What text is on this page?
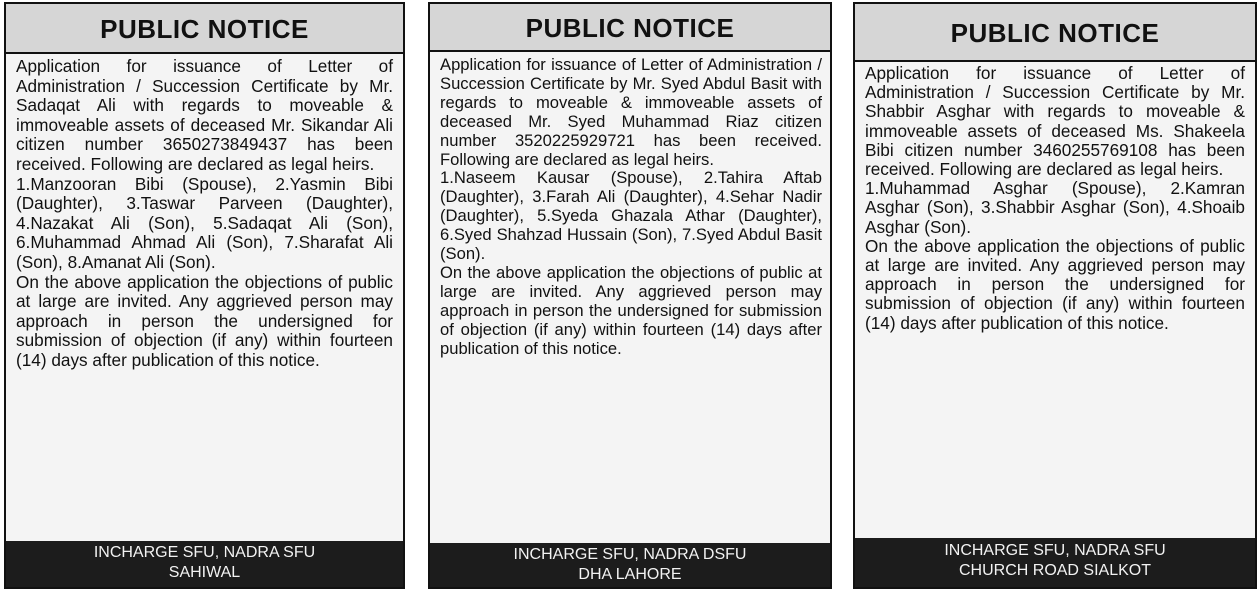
PUBLIC NOTICE

Application for issuance of Letter of Administration / Succession Certificate by Mr. Sadaqat Ali with regards to moveable & immoveable assets of deceased Mr. Sikandar Ali citizen number 3650273849437 has been received. Following are declared as legal heirs.

1.Manzooran Bibi (Spouse), 2.Yasmin Bibi (Daughter), 3.Taswar Parveen (Daughter), 4.Nazakat Ali (Son), 5.Sadaqat Ali (Son), 6.Muhammad Ahmad Ali (Son), 7.Sharafat Ali (Son), 8.Amanat Ali (Son).

On the above application the objections of public at large are invited. Any aggrieved person may approach in person the undersigned for submission of objection (if any) within fourteen (14) days after publication of this notice.

INCHARGE SFU, NADRA SFU
SAHIWAL
PUBLIC NOTICE

Application for issuance of Letter of Administration / Succession Certificate by Mr. Syed Abdul Basit with regards to moveable & immoveable assets of deceased Mr. Syed Muhammad Riaz citizen number 3520225929721 has been received. Following are declared as legal heirs.

1.Naseem Kausar (Spouse), 2.Tahira Aftab (Daughter), 3.Farah Ali (Daughter), 4.Sehar Nadir (Daughter), 5.Syeda Ghazala Athar (Daughter), 6.Syed Shahzad Hussain (Son), 7.Syed Abdul Basit (Son).

On the above application the objections of public at large are invited. Any aggrieved person may approach in person the undersigned for submission of objection (if any) within fourteen (14) days after publication of this notice.

INCHARGE SFU, NADRA DSFU
DHA LAHORE
PUBLIC NOTICE

Application for issuance of Letter of Administration / Succession Certificate by Mr. Shabbir Asghar with regards to moveable & immoveable assets of deceased Ms. Shakeela Bibi citizen number 3460255769108 has been received. Following are declared as legal heirs.

1.Muhammad Asghar (Spouse), 2.Kamran Asghar (Son), 3.Shabbir Asghar (Son), 4.Shoaib Asghar (Son).

On the above application the objections of public at large are invited. Any aggrieved person may approach in person the undersigned for submission of objection (if any) within fourteen (14) days after publication of this notice.

INCHARGE SFU, NADRA SFU
CHURCH ROAD SIALKOT
